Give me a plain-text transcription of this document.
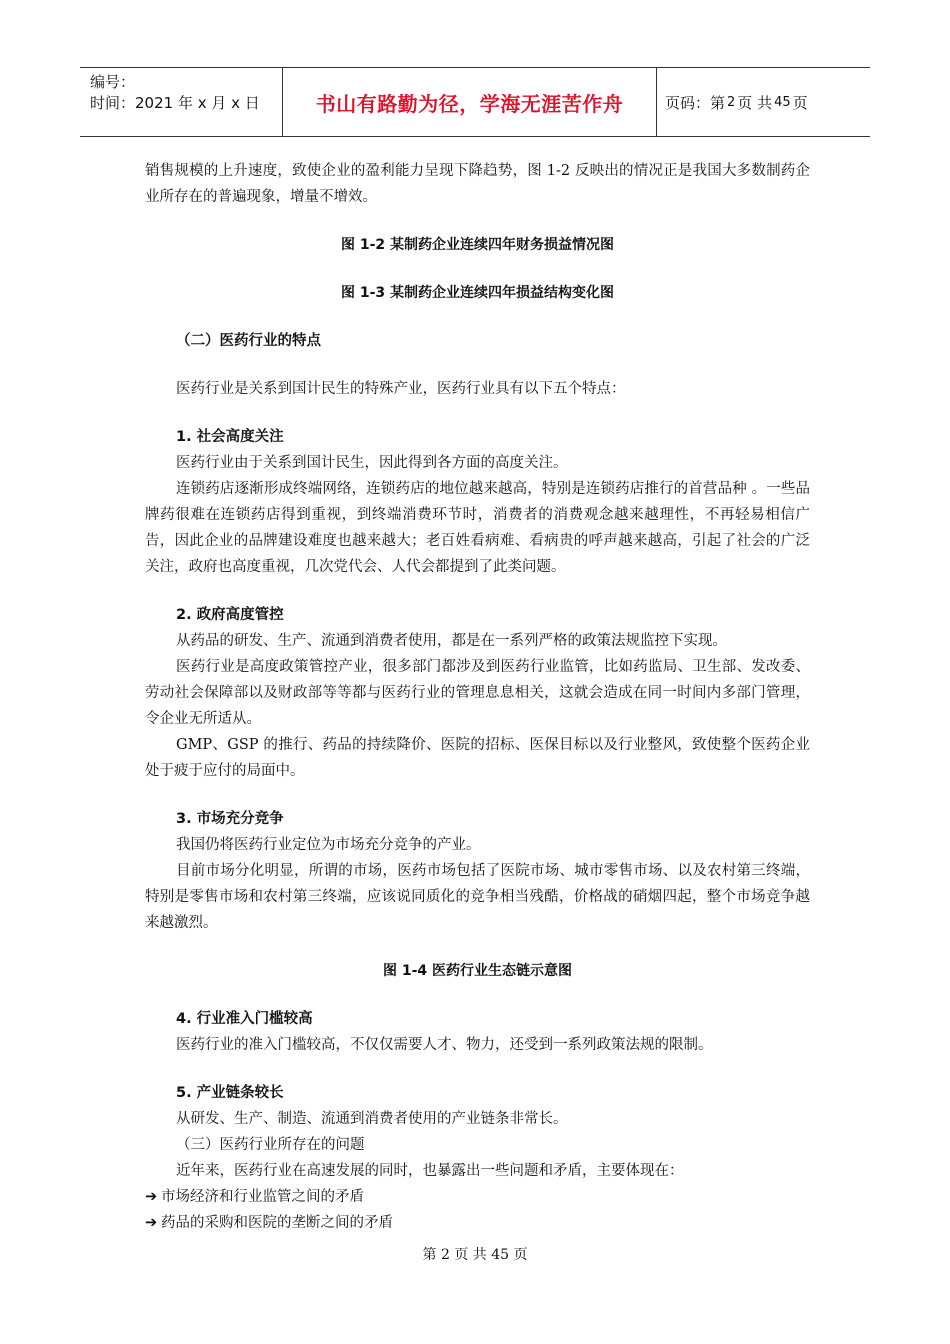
编号：
时间：2021 年 x 月 x 日	书山有路勤为径，学海无涯苦作舟	页码：第 2 页 共 45 页

销售规模的上升速度，致使企业的盈利能力呈现下降趋势，图 1-2 反映出的情况正是我国大多数制药企业所存在的普遍现象，增量不增效。

图 1-2 某制药企业连续四年财务损益情况图
图 1-3 某制药企业连续四年损益结构变化图
（二）医药行业的特点

医药行业是关系到国计民生的特殊产业，医药行业具有以下五个特点：

1. 社会高度关注

医药行业由于关系到国计民生，因此得到各方面的高度关注。

连锁药店逐渐形成终端网络，连锁药店的地位越来越高，特别是连锁药店推行的首营品种 。一些品牌药很难在连锁药店得到重视，到终端消费环节时，消费者的消费观念越来越理性，不再轻易相信广告，因此企业的品牌建设难度也越来越大；老百姓看病难、看病贵的呼声越来越高，引起了社会的广泛关注，政府也高度重视，几次党代会、人代会都提到了此类问题。

2. 政府高度管控

从药品的研发、生产、流通到消费者使用，都是在一系列严格的政策法规监控下实现。

医药行业是高度政策管控产业，很多部门都涉及到医药行业监管，比如药监局、卫生部、发改委、劳动社会保障部以及财政部等等都与医药行业的管理息息相关，这就会造成在同一时间内多部门管理，令企业无所适从。

GMP、GSP 的推行、药品的持续降价、医院的招标、医保目标以及行业整风，致使整个医药企业处于疲于应付的局面中。

3. 市场充分竞争

我国仍将医药行业定位为市场充分竞争的产业。

目前市场分化明显，所谓的市场，医药市场包括了医院市场、城市零售市场、以及农村第三终端，特别是零售市场和农村第三终端，应该说同质化的竞争相当残酷，价格战的硝烟四起，整个市场竞争越来越激烈。

图 1-4 医药行业生态链示意图
4. 行业准入门槛较高

医药行业的准入门槛较高，不仅仅需要人才、物力，还受到一系列政策法规的限制。

5. 产业链条较长

从研发、生产、制造、流通到消费者使用的产业链条非常长。

（三）医药行业所存在的问题

近年来，医药行业在高速发展的同时，也暴露出一些问题和矛盾，主要体现在：

➔ 市场经济和行业监管之间的矛盾
➔ 药品的采购和医院的垄断之间的矛盾
第 2 页 共 45 页
